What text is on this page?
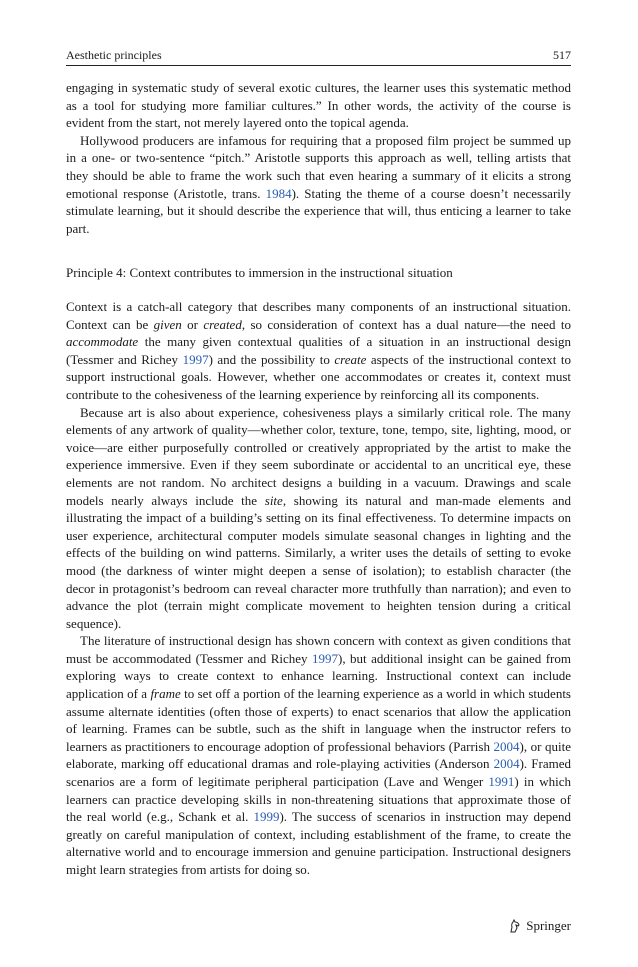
Aesthetic principles	517

engaging in systematic study of several exotic cultures, the learner uses this systematic method as a tool for studying more familiar cultures.” In other words, the activity of the course is evident from the start, not merely layered onto the topical agenda.

Hollywood producers are infamous for requiring that a proposed film project be summed up in a one- or two-sentence “pitch.” Aristotle supports this approach as well, telling artists that they should be able to frame the work such that even hearing a summary of it elicits a strong emotional response (Aristotle, trans. 1984). Stating the theme of a course doesn’t necessarily stimulate learning, but it should describe the experience that will, thus enticing a learner to take part.

Principle 4: Context contributes to immersion in the instructional situation

Context is a catch-all category that describes many components of an instructional situation. Context can be given or created, so consideration of context has a dual nature—the need to accommodate the many given contextual qualities of a situation in an instructional design (Tessmer and Richey 1997) and the possibility to create aspects of the instructional context to support instructional goals. However, whether one accommodates or creates it, context must contribute to the cohesiveness of the learning experience by reinforcing all its components.

Because art is also about experience, cohesiveness plays a similarly critical role. The many elements of any artwork of quality—whether color, texture, tone, tempo, site, lighting, mood, or voice—are either purposefully controlled or creatively appropriated by the artist to make the experience immersive. Even if they seem subordinate or accidental to an uncritical eye, these elements are not random. No architect designs a building in a vacuum. Drawings and scale models nearly always include the site, showing its natural and man-made elements and illustrating the impact of a building’s setting on its final effectiveness. To determine impacts on user experience, architectural computer models simulate seasonal changes in lighting and the effects of the building on wind patterns. Similarly, a writer uses the details of setting to evoke mood (the darkness of winter might deepen a sense of isolation); to establish character (the decor in protagonist’s bedroom can reveal character more truthfully than narration); and even to advance the plot (terrain might complicate movement to heighten tension during a critical sequence).

The literature of instructional design has shown concern with context as given conditions that must be accommodated (Tessmer and Richey 1997), but additional insight can be gained from exploring ways to create context to enhance learning. Instructional context can include application of a frame to set off a portion of the learning experience as a world in which students assume alternate identities (often those of experts) to enact scenarios that allow the application of learning. Frames can be subtle, such as the shift in language when the instructor refers to learners as practitioners to encourage adoption of professional behaviors (Parrish 2004), or quite elaborate, marking off educational dramas and role-playing activities (Anderson 2004). Framed scenarios are a form of legitimate peripheral participation (Lave and Wenger 1991) in which learners can practice developing skills in non-threatening situations that approximate those of the real world (e.g., Schank et al. 1999). The success of scenarios in instruction may depend greatly on careful manipulation of context, including establishment of the frame, to create the alternative world and to encourage immersion and genuine participation. Instructional designers might learn strategies from artists for doing so.

Springer
